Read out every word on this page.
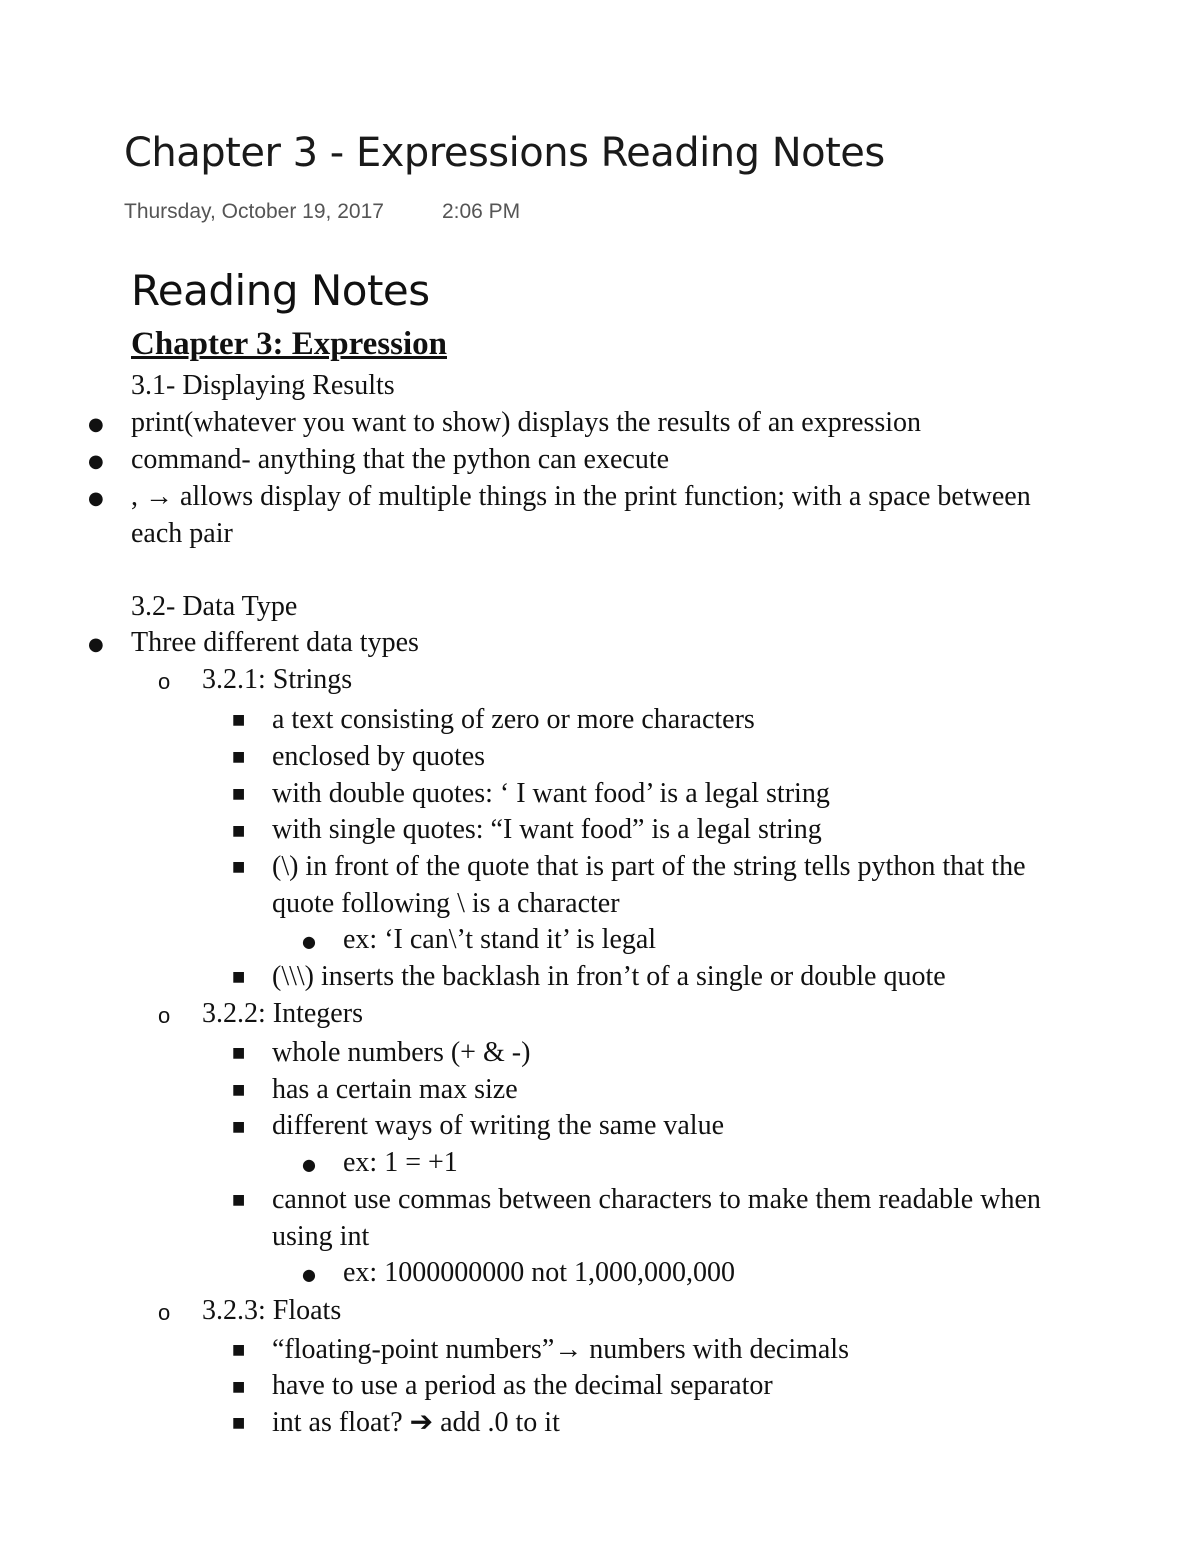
Chapter 3 - Expressions Reading Notes
Thursday, October 19, 2017	2:06 PM
Reading Notes
Chapter 3: Expression
3.1- Displaying Results
● print(whatever you want to show) displays the results of an expression
● command- anything that the python can execute
● , → allows display of multiple things in the print function; with a space between
each pair
3.2- Data Type
● Three different data types
o 3.2.1: Strings
■ a text consisting of zero or more characters
■ enclosed by quotes
■ with double quotes: ‘ I want food’ is a legal string
■ with single quotes: “I want food” is a legal string
■ (\) in front of the quote that is part of the string tells python that the
quote following \ is a character
● ex: ‘I can\’t stand it’ is legal
■ (\\\) inserts the backlash in fron’t of a single or double quote
o 3.2.2: Integers
■ whole numbers (+ & -)
■ has a certain max size
■ different ways of writing the same value
● ex: 1 = +1
■ cannot use commas between characters to make them readable when
using int
● ex: 1000000000 not 1,000,000,000
o 3.2.3: Floats
■ “floating-point numbers”→ numbers with decimals
■ have to use a period as the decimal separator
■ int as float? ➔ add .0 to it
